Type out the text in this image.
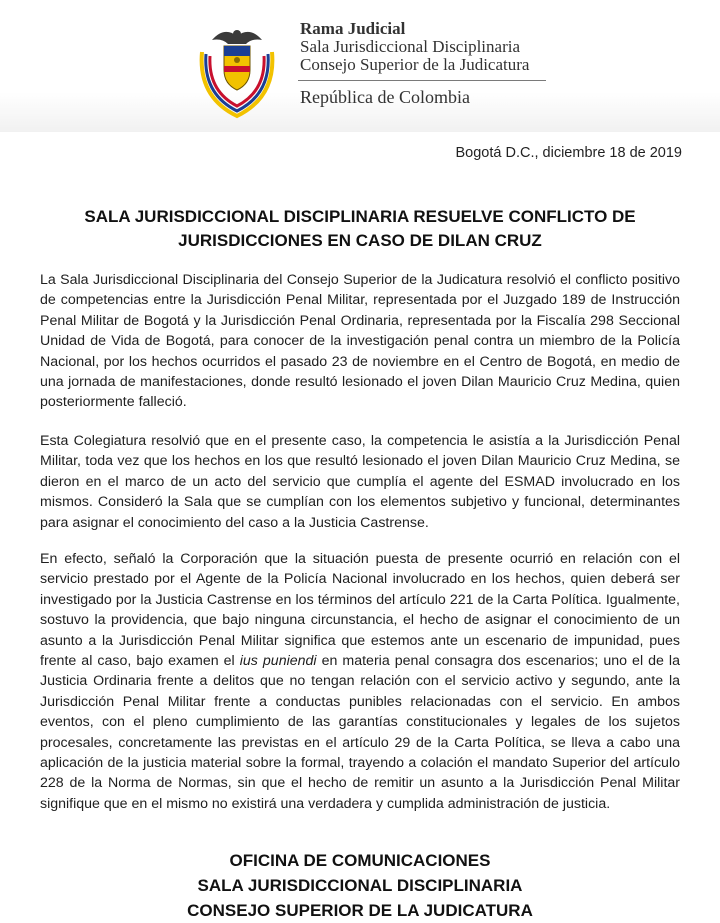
Rama Judicial
Sala Jurisdiccional Disciplinaria
Consejo Superior de la Judicatura
República de Colombia
Bogotá D.C., diciembre 18 de 2019
SALA JURISDICCIONAL DISCIPLINARIA RESUELVE CONFLICTO DE JURISDICCIONES EN CASO DE DILAN CRUZ

La Sala Jurisdiccional Disciplinaria del Consejo Superior de la Judicatura resolvió el conflicto positivo de competencias entre la Jurisdicción Penal Militar, representada por el Juzgado 189 de Instrucción Penal Militar de Bogotá y la Jurisdicción Penal Ordinaria, representada por la Fiscalía 298 Seccional Unidad de Vida de Bogotá, para conocer de la investigación penal contra un miembro de la Policía Nacional, por los hechos ocurridos el pasado 23 de noviembre en el Centro de Bogotá, en medio de una jornada de manifestaciones, donde resultó lesionado el joven Dilan Mauricio Cruz Medina, quien posteriormente falleció.

Esta Colegiatura resolvió que en el presente caso, la competencia le asistía a la Jurisdicción Penal Militar, toda vez que los hechos en los que resultó lesionado el joven Dilan Mauricio Cruz Medina, se dieron en el marco de un acto del servicio que cumplía el agente del ESMAD involucrado en los mismos. Consideró la Sala que se cumplían con los elementos subjetivo y funcional, determinantes para asignar el conocimiento del caso a la Justicia Castrense.

En efecto, señaló la Corporación que la situación puesta de presente ocurrió en relación con el servicio prestado por el Agente de la Policía Nacional involucrado en los hechos, quien deberá ser investigado por la Justicia Castrense en los términos del artículo 221 de la Carta Política. Igualmente, sostuvo la providencia, que bajo ninguna circunstancia, el hecho de asignar el conocimiento de un asunto a la Jurisdicción Penal Militar significa que estemos ante un escenario de impunidad, pues frente al caso, bajo examen el ius puniendi en materia penal consagra dos escenarios; uno el de la Justicia Ordinaria frente a delitos que no tengan relación con el servicio activo y segundo, ante la Jurisdicción Penal Militar frente a conductas punibles relacionadas con el servicio. En ambos eventos, con el pleno cumplimiento de las garantías constitucionales y legales de los sujetos procesales, concretamente las previstas en el artículo 29 de la Carta Política, se lleva a cabo una aplicación de la justicia material sobre la formal, trayendo a colación el mandato Superior del artículo 228 de la Norma de Normas, sin que el hecho de remitir un asunto a la Jurisdicción Penal Militar signifique que en el mismo no existirá una verdadera y cumplida administración de justicia.

OFICINA DE COMUNICACIONES
SALA JURISDICCIONAL DISCIPLINARIA
CONSEJO SUPERIOR DE LA JUDICATURA
